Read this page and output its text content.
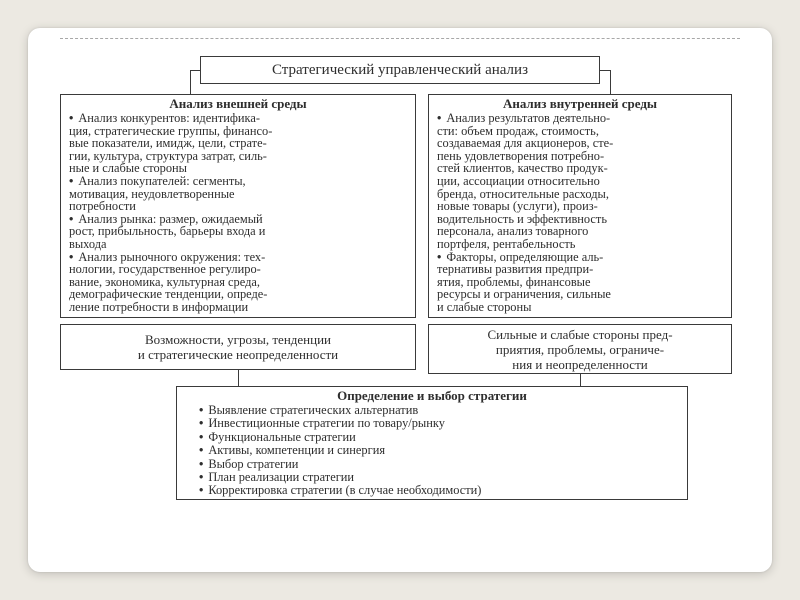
Стратегический управленческий анализ
Анализ внешней среды
• Анализ конкурентов: идентифика-
ция, стратегические группы, финансо-
вые показатели, имидж, цели, страте-
гии, культура, структура затрат, силь-
ные и слабые стороны
• Анализ покупателей: сегменты,
мотивация, неудовлетворенные
потребности
• Анализ рынка: размер, ожидаемый
рост, прибыльность, барьеры входа и
выхода
• Анализ рыночного окружения: тех-
нологии, государственное регулиро-
вание, экономика, культурная среда,
демографические тенденции, опреде-
ление потребности в информации
Анализ внутренней среды
• Анализ результатов деятельно-
сти: объем продаж, стоимость,
создаваемая для акционеров, сте-
пень удовлетворения потребно-
стей клиентов, качество продук-
ции, ассоциации относительно
бренда, относительные расходы,
новые товары (услуги), произ-
водительность и эффективность
персонала, анализ товарного
портфеля, рентабельность
• Факторы, определяющие аль-
тернативы развития предпри-
ятия, проблемы, финансовые
ресурсы и ограничения, сильные
и слабые стороны
Возможности, угрозы, тенденции
и стратегические неопределенности
Сильные и слабые стороны пред-
приятия, проблемы, ограниче-
ния и неопределенности
Определение и выбор стратегии
• Выявление стратегических альтернатив
• Инвестиционные стратегии по товару/рынку
• Функциональные стратегии
• Активы, компетенции и синергия
• Выбор стратегии
• План реализации стратегии
• Корректировка стратегии (в случае необходимости)
